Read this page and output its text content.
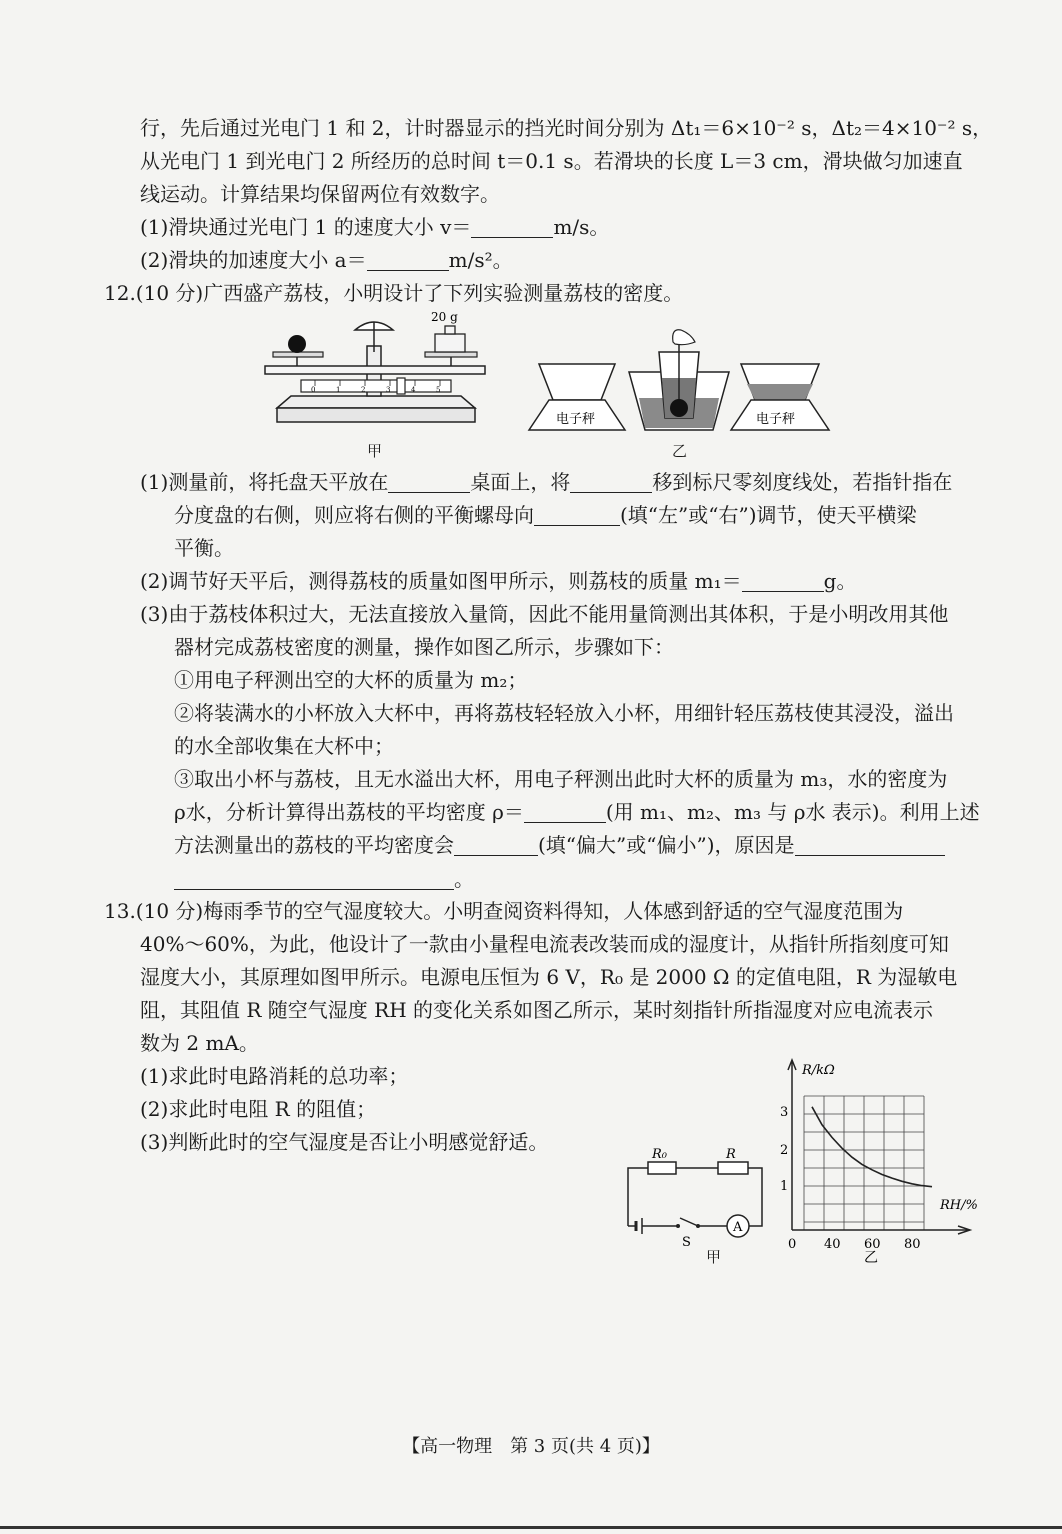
行，先后通过光电门 1 和 2，计时器显示的挡光时间分别为 Δt₁＝6×10⁻² s，Δt₂＝4×10⁻² s，
从光电门 1 到光电门 2 所经历的总时间 t＝0.1 s。若滑块的长度 L＝3 cm，滑块做匀加速直
线运动。计算结果均保留两位有效数字。
(1)滑块通过光电门 1 的速度大小 v＝	m/s。
(2)滑块的加速度大小 a＝	m/s²。
12.(10 分)广西盛产荔枝，小明设计了下列实验测量荔枝的密度。
0	1	2	3	4	5
20 g
甲
电子秤	电子秤
乙
(1)测量前，将托盘天平放在	桌面上，将	移到标尺零刻度线处，若指针指在
分度盘的右侧，则应将右侧的平衡螺母向	(填“左”或“右”)调节，使天平横梁
平衡。
(2)调节好天平后，测得荔枝的质量如图甲所示，则荔枝的质量 m₁＝	g。
(3)由于荔枝体积过大，无法直接放入量筒，因此不能用量筒测出其体积，于是小明改用其他
器材完成荔枝密度的测量，操作如图乙所示，步骤如下：
①用电子秤测出空的大杯的质量为 m₂；
②将装满水的小杯放入大杯中，再将荔枝轻轻放入小杯，用细针轻压荔枝使其浸没，溢出
的水全部收集在大杯中；
③取出小杯与荔枝，且无水溢出大杯，用电子秤测出此时大杯的质量为 m₃，水的密度为
ρ水，分析计算得出荔枝的平均密度 ρ＝	(用 m₁、m₂、m₃ 与 ρ水 表示)。利用上述
方法测量出的荔枝的平均密度会	(填“偏大”或“偏小”)，原因是
。
13.(10 分)梅雨季节的空气湿度较大。小明查阅资料得知，人体感到舒适的空气湿度范围为
40%～60%，为此，他设计了一款由小量程电流表改装而成的湿度计，从指针所指刻度可知
湿度大小，其原理如图甲所示。电源电压恒为 6 V，R₀ 是 2000 Ω 的定值电阻，R 为湿敏电
阻，其阻值 R 随空气湿度 RH 的变化关系如图乙所示，某时刻指针所指湿度对应电流表示
数为 2 mA。
(1)求此时电路消耗的总功率；
(2)求此时电阻 R 的阻值；
(3)判断此时的空气湿度是否让小明感觉舒适。
R₀	R
A
S
甲
R/kΩ
RH/%
0 40 60 80
1
2
3
乙
【高一物理　第 3 页(共 4 页)】
